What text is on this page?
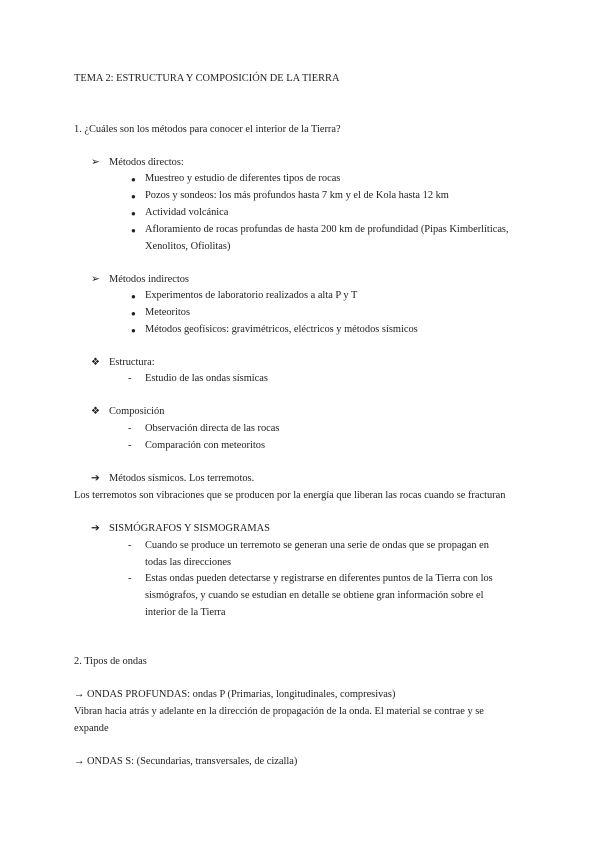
TEMA 2: ESTRUCTURA Y COMPOSICIÓN DE LA TIERRA
1. ¿Cuáles son los métodos para conocer el interior de la Tierra?
➢ Métodos directos:
● Muestreo y estudio de diferentes tipos de rocas
● Pozos y sondeos: los más profundos hasta 7 km y el de Kola hasta 12 km
● Actividad volcánica
● Afloramiento de rocas profundas de hasta 200 km de profundidad (Pipas Kimberlíticas,
Xenolitos, Ofiolitas)
➢ Métodos indirectos
● Experimentos de laboratorio realizados a alta P y T
● Meteoritos
● Métodos geofísicos: gravimétricos, eléctricos y métodos sísmicos
❖ Estructura:
- Estudio de las ondas sísmicas
❖ Composición
- Observación directa de las rocas
- Comparación con meteoritos
➔ Métodos sísmicos. Los terremotos.
Los terremotos son vibraciones que se producen por la energía que liberan las rocas cuando se fracturan
➔ SISMÓGRAFOS Y SISMOGRAMAS
- Cuando se produce un terremoto se generan una serie de ondas que se propagan en
todas las direcciones
- Estas ondas pueden detectarse y registrarse en diferentes puntos de la Tierra con los
sismógrafos, y cuando se estudian en detalle se obtiene gran información sobre el
interior de la Tierra
2. Tipos de ondas
→ ONDAS PROFUNDAS: ondas P (Primarias, longitudinales, compresivas)
Vibran hacia atrás y adelante en la dirección de propagación de la onda. El material se contrae y se
expande
→ ONDAS S: (Secundarias, transversales, de cizalla)
